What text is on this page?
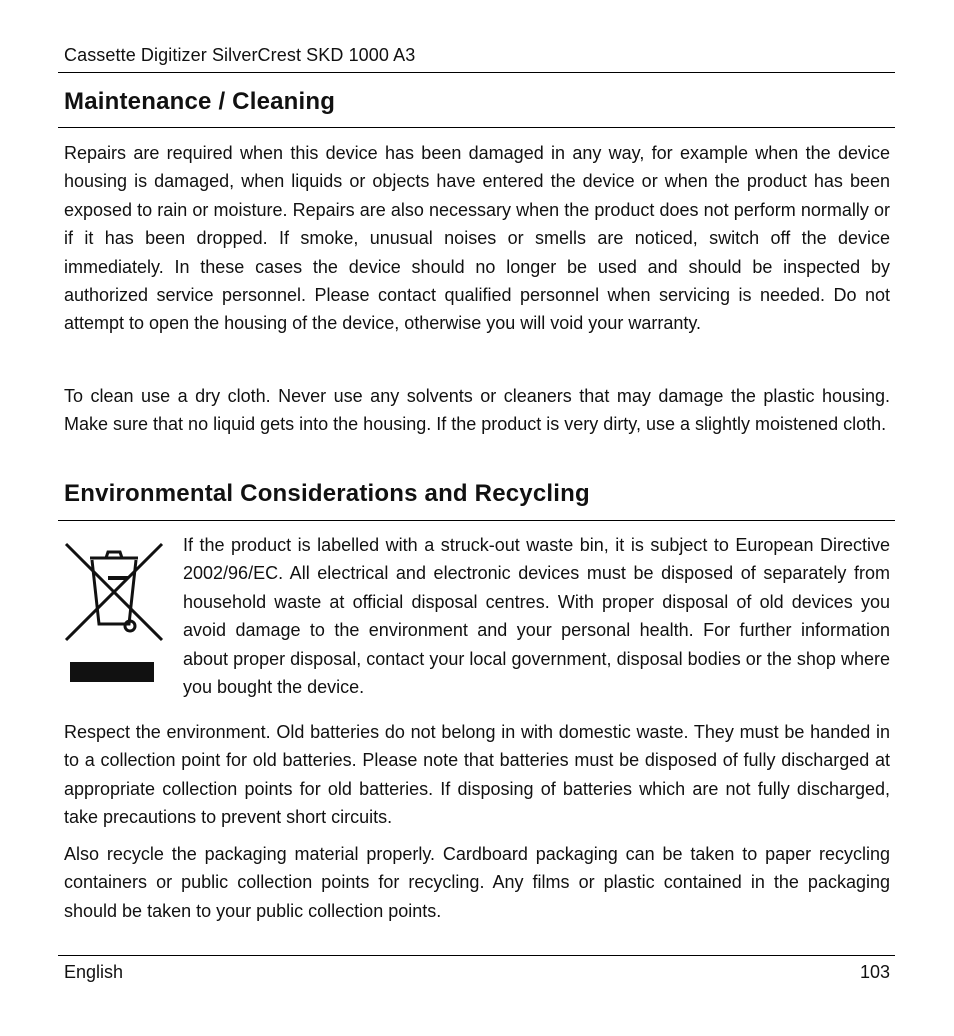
Cassette Digitizer SilverCrest SKD 1000 A3
Maintenance / Cleaning

Repairs are required when this device has been damaged in any way, for example when the device housing is damaged, when liquids or objects have entered the device or when the product has been exposed to rain or moisture. Repairs are also necessary when the product does not perform normally or if it has been dropped. If smoke, unusual noises or smells are noticed, switch off the device immediately. In these cases the device should no longer be used and should be inspected by authorized service personnel. Please contact qualified personnel when servicing is needed. Do not attempt to open the housing of the device, otherwise you will void your warranty.

To clean use a dry cloth. Never use any solvents or cleaners that may damage the plastic housing. Make sure that no liquid gets into the housing. If the product is very dirty, use a slightly moistened cloth.

Environmental Considerations and Recycling

If the product is labelled with a struck-out waste bin, it is subject to European Directive 2002/96/EC. All electrical and electronic devices must be disposed of separately from household waste at official disposal centres. With proper disposal of old devices you avoid damage to the environment and your personal health. For further information about proper disposal, contact your local government, disposal bodies or the shop where you bought the device.

Respect the environment. Old batteries do not belong in with domestic waste. They must be handed in to a collection point for old batteries. Please note that batteries must be disposed of fully discharged at appropriate collection points for old batteries. If disposing of batteries which are not fully discharged, take precautions to prevent short circuits.

Also recycle the packaging material properly. Cardboard packaging can be taken to paper recycling containers or public collection points for recycling. Any films or plastic contained in the packaging should be taken to your public collection points.

English	103
